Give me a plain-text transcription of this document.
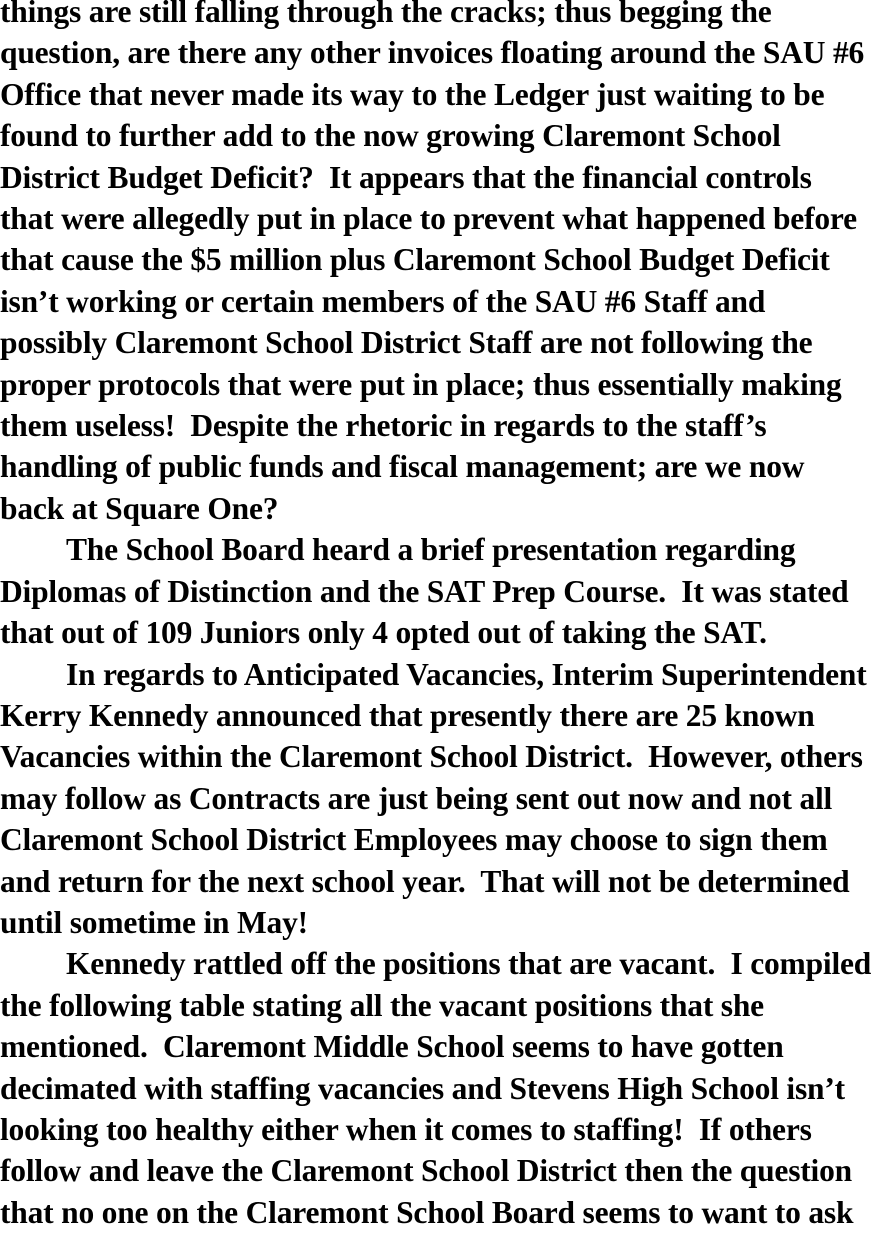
things are still falling through the cracks; thus begging the
question, are there any other invoices floating around the SAU #6
Office that never made its way to the Ledger just waiting to be
found to further add to the now growing Claremont School
District Budget Deficit?  It appears that the financial controls
that were allegedly put in place to prevent what happened before
that cause the $5 million plus Claremont School Budget Deficit
isn’t working or certain members of the SAU #6 Staff and
possibly Claremont School District Staff are not following the
proper protocols that were put in place; thus essentially making
them useless!  Despite the rhetoric in regards to the staff’s
handling of public funds and fiscal management; are we now
back at Square One?
The School Board heard a brief presentation regarding
Diplomas of Distinction and the SAT Prep Course.  It was stated
that out of 109 Juniors only 4 opted out of taking the SAT.
In regards to Anticipated Vacancies, Interim Superintendent
Kerry Kennedy announced that presently there are 25 known
Vacancies within the Claremont School District.  However, others
may follow as Contracts are just being sent out now and not all
Claremont School District Employees may choose to sign them
and return for the next school year.  That will not be determined
until sometime in May!
Kennedy rattled off the positions that are vacant.  I compiled
the following table stating all the vacant positions that she
mentioned.  Claremont Middle School seems to have gotten
decimated with staffing vacancies and Stevens High School isn’t
looking too healthy either when it comes to staffing!  If others
follow and leave the Claremont School District then the question
that no one on the Claremont School Board seems to want to ask
